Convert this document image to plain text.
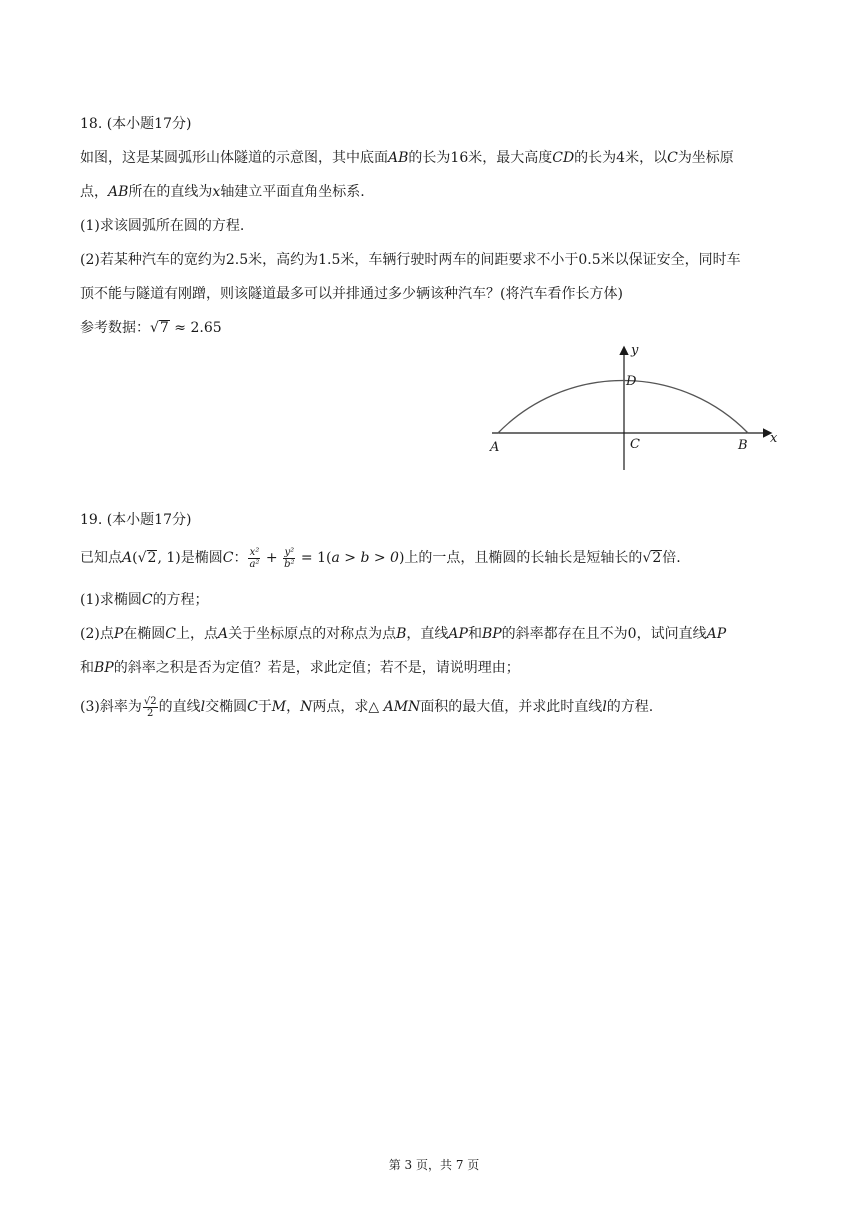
18. (本小题17分)
如图，这是某圆弧形山体隧道的示意图，其中底面AB的长为16米，最大高度CD的长为4米，以C为坐标原
点，AB所在的直线为x轴建立平面直角坐标系.
(1)求该圆弧所在圆的方程.
(2)若某种汽车的宽约为2.5米，高约为1.5米，车辆行驶时两车的间距要求不小于0.5米以保证安全，同时车
顶不能与隧道有刚蹭，则该隧道最多可以并排通过多少辆该种汽车？(将汽车看作长方体)
参考数据：√7 ≈ 2.65
A	B
C
D
x
y
19. (本小题17分)
已知点A(√2, 1)是椭圆C： $\frac{\text{x²}}{\text{a²}} + \frac{\text{y²}}{\text{b²}} = 1(a > b > 0)$上的一点，且椭圆的长轴长是短轴长的√2倍.
(1)求椭圆C的方程；
(2)点P在椭圆C上，点A关于坐标原点的对称点为点B，直线AP和BP的斜率都存在且不为0，试问直线AP
和BP的斜率之积是否为定值？若是，求此定值；若不是，请说明理由；
(3)斜率为 $\frac{√2}{2}$ 的直线l交椭圆C于M，N两点，求△ AMN面积的最大值，并求此时直线l的方程.
第 3 页，共 7 页
